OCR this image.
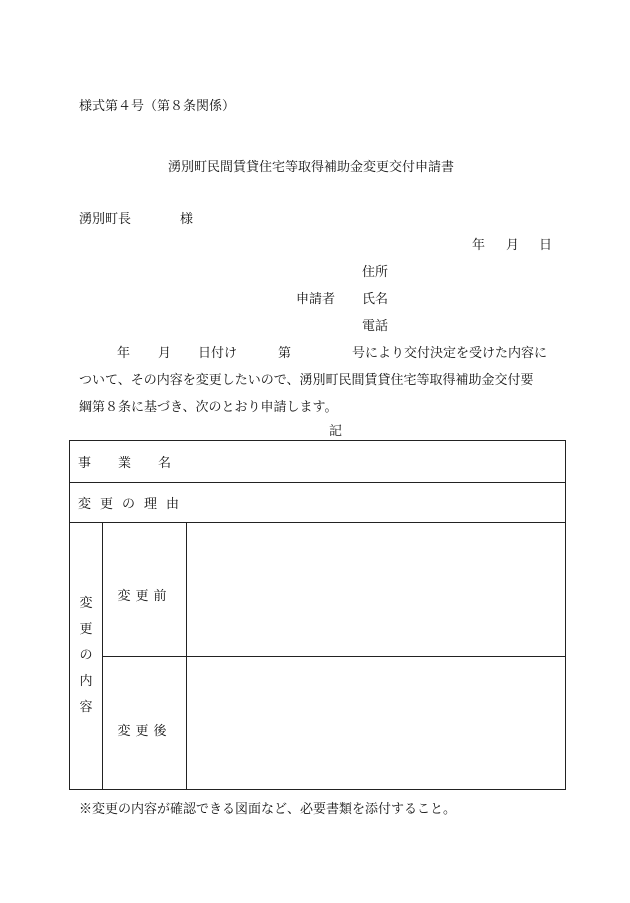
様式第４号（第８条関係）
湧別町民間賃貸住宅等取得補助金変更交付申請書
湧別町長	様
年 月 日
住所
申請者 氏名
電話
年 月 日付け	第	号により交付決定を受けた内容に
ついて、その内容を変更したいので、湧別町民間賃貸住宅等取得補助金交付要
綱第８条に基づき、次のとおり申請します。
記
事業名		
変更の理由		

変
更
の
内
容	変更前	
	変更後	
※変更の内容が確認できる図面など、必要書類を添付すること。
